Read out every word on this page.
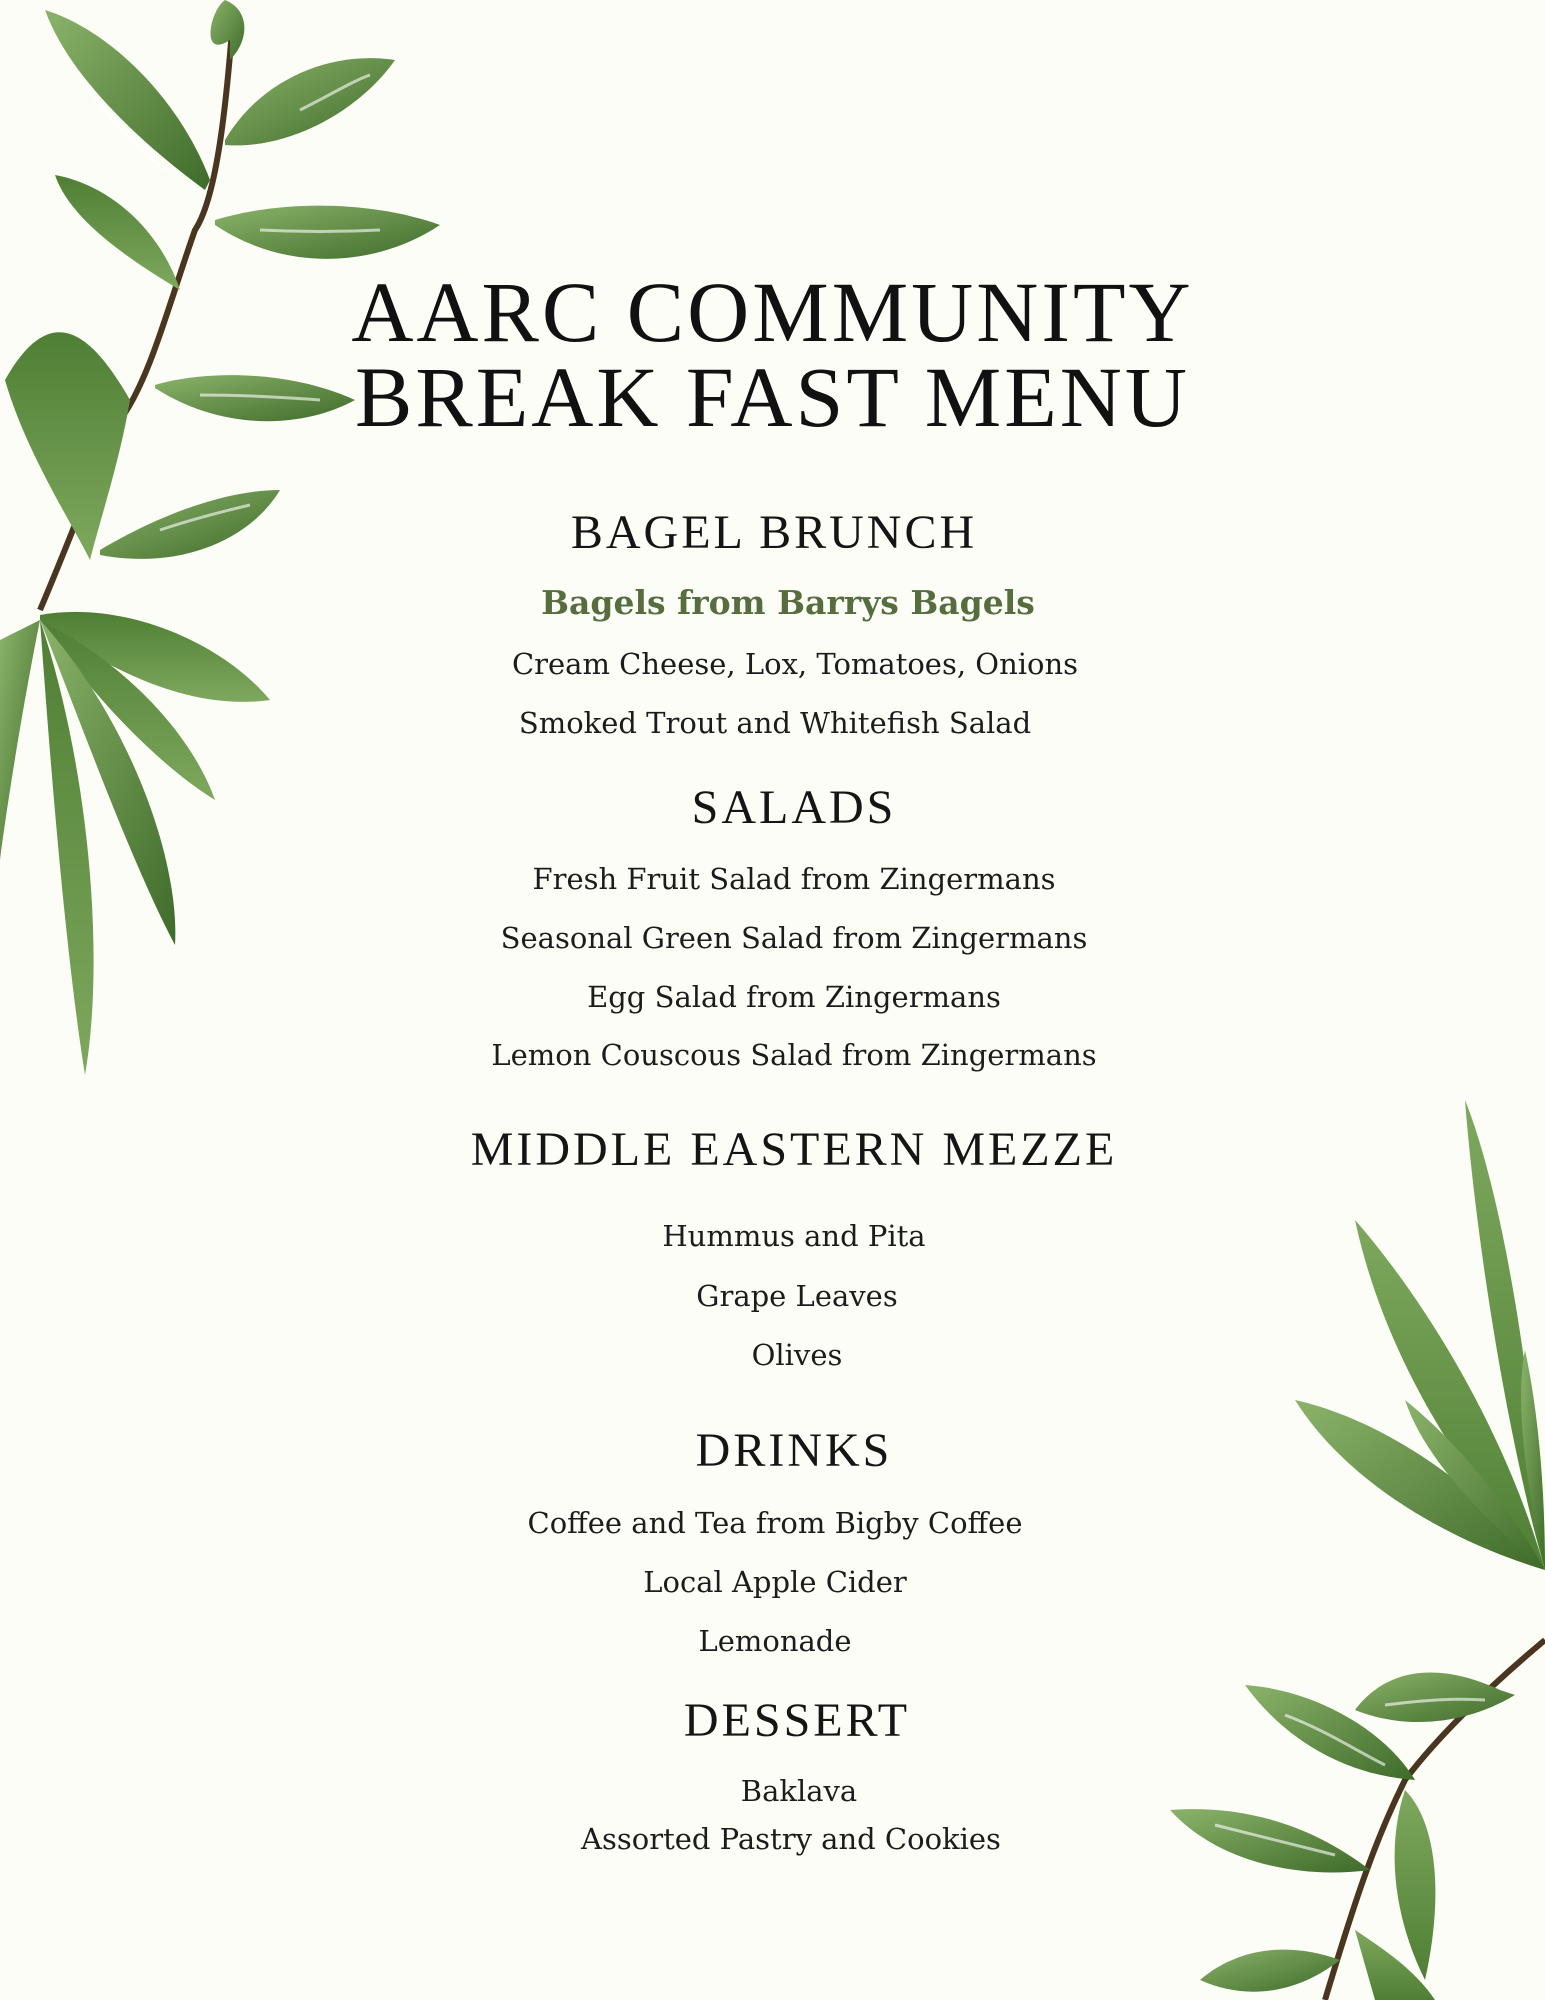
AARC COMMUNITY
BREAK FAST MENU
BAGEL BRUNCH
Bagels from Barrys Bagels
Cream Cheese, Lox, Tomatoes, Onions
Smoked Trout and Whitefish Salad
SALADS
Fresh Fruit Salad from Zingermans
Seasonal Green Salad from Zingermans
Egg Salad from Zingermans
Lemon Couscous Salad from Zingermans
MIDDLE EASTERN MEZZE
Hummus and Pita
Grape Leaves
Olives
DRINKS
Coffee and Tea from Bigby Coffee
Local Apple Cider
Lemonade
DESSERT
Baklava
Assorted Pastry and Cookies
